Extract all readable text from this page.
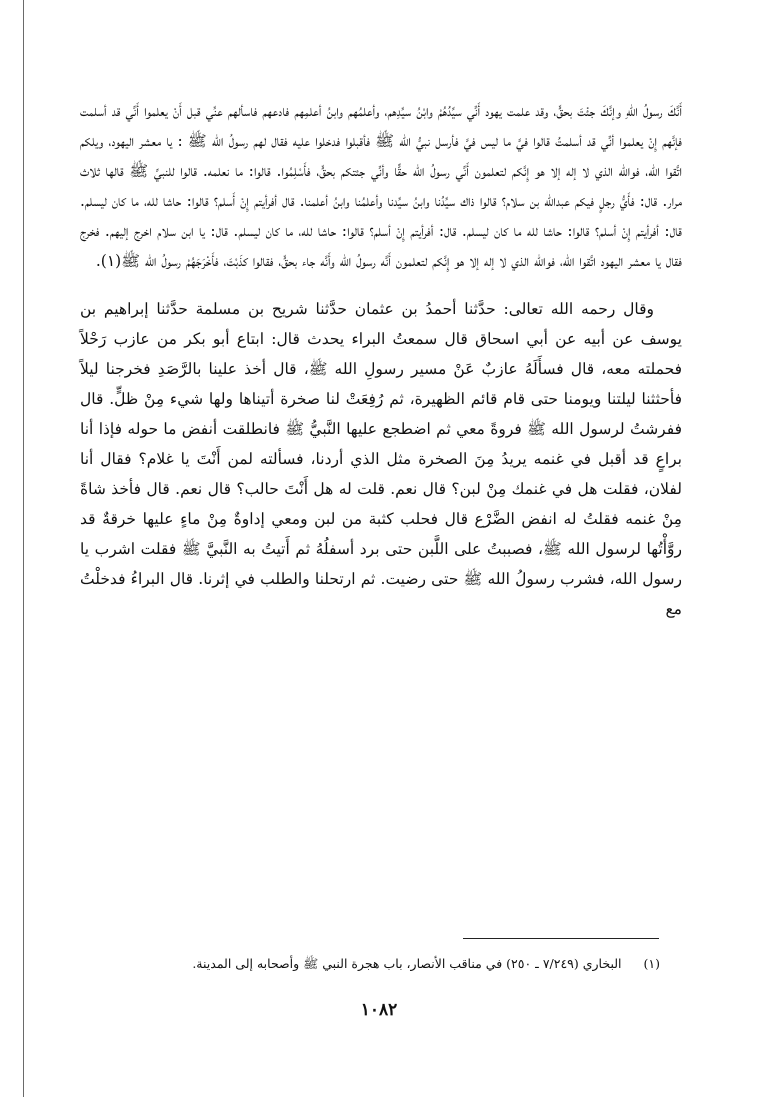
أَنَّكَ رسولُ اللهِ وإنَّكَ جئْتَ بحقٍّ، وقد علمت يهود أَنِّي سيِّدُهُمْ وابْنُ سيِّدِهم، وأعلمُهم وابنُ أعلمِهم فادعهم فاسألهم عنِّي قبل أَنْ يعلموا أَنِّي قد أسلمت فإنَّهم إِنْ يعلموا أنِّي قد أسلمتُ قالوا فيَّ ما ليس فيَّ فأرسل نبيُّ الله ﷺ فأقبلوا فدخلوا عليه فقال لهم رسولُ الله ﷺ : يا معشر اليهود، ويلكم اتَّقوا الله، فوالله الذي لا إله إلا هو إِنَّكم لتعلمون أَنِّي رسولُ الله حقًّا وأنِّي جئتكم بحقٍّ، فأَسْلِمُوا. قالوا: ما نعلمه. قالوا للنبيِّ ﷺ قالها ثلاث مرار. قال: فأَيُّ رجلٍ فيكم عبدالله بن سلام؟ قالوا ذاك سيِّدُنا وابنُ سيِّدنا وأعلمُنا وابنُ أعلمنا. قال أفرأيتم إِنْ أَسلم؟ قالوا: حاشا لله، ما كان ليسلم. قال: أفرأيتم إِنْ أسلم؟ قالوا: حاشا لله ما كان ليسلم. قال: أفرأيتم إِنْ أسلم؟ قالوا: حاشا لله، ما كان ليسلم. قال: يا ابن سلام اخرج إليهم. فخرج فقال يا معشر اليهود اتَّقوا الله، فوالله الذي لا إله إلا هو إِنَّكم لتعلمون أَنَّه رسولُ الله وأَنَّه جاء بحقٍّ، فقالوا كذَبْتَ، فأَخْرَجَهُمْ رسولُ الله ﷺ(١).

وقال رحمه الله تعالى: حدَّثنا أحمدُ بن عثمان حدَّثنا شريح بن مسلمة حدَّثنا إبراهيم بن يوسف عن أبيه عن أبي اسحاق قال سمعتُ البراء يحدث قال: ابتاع أبو بكر من عازب رَحْلاً فحملته معه، قال فسأَلَهُ عازبٌ عَنْ مسير رسولِ الله ﷺ، قال أخذ علينا بالرَّصَدِ فخرجنا ليلاً فأحثثنا ليلتنا ويومنا حتى قام قائم الظهيرة، ثم رُفِعَتْ لنا صخرة أتيناها ولها شيء مِنْ ظلٍّ. قال ففرشتُ لرسول الله ﷺ فروةً معي ثم اضطجع عليها النَّبيُّ ﷺ فانطلقت أنفض ما حوله فإذا أنا براعٍ قد أقبل في غنمه يريدُ مِنَ الصخرة مثل الذي أردنا، فسألته لمن أَنْتَ يا غلام؟ فقال أنا لفلان، فقلت هل في غنمك مِنْ لبن؟ قال نعم. قلت له هل أَنْتَ حالب؟ قال نعم. قال فأخذ شاةً مِنْ غنمه فقلتُ له انفض الضَّرْع قال فحلب كثبة من لبن ومعي إداوةٌ مِنْ ماءٍ عليها خرقةٌ قد روَّأْتُها لرسول الله ﷺ، فصببتُ على اللَّبن حتى برد أسفلُهُ ثم أَتيتُ به النَّبيَّ ﷺ فقلت اشرب يا رسول الله، فشرب رسولُ الله ﷺ حتى رضيت. ثم ارتحلنا والطلب في إثرنا. قال البراءُ فدخلْتُ مع

(١)البخاري (٧/٢٤٩ ـ ٢٥٠) في مناقب الأنصار، باب هجرة النبي ﷺ وأصحابه إلى المدينة.
١٠٨٢
